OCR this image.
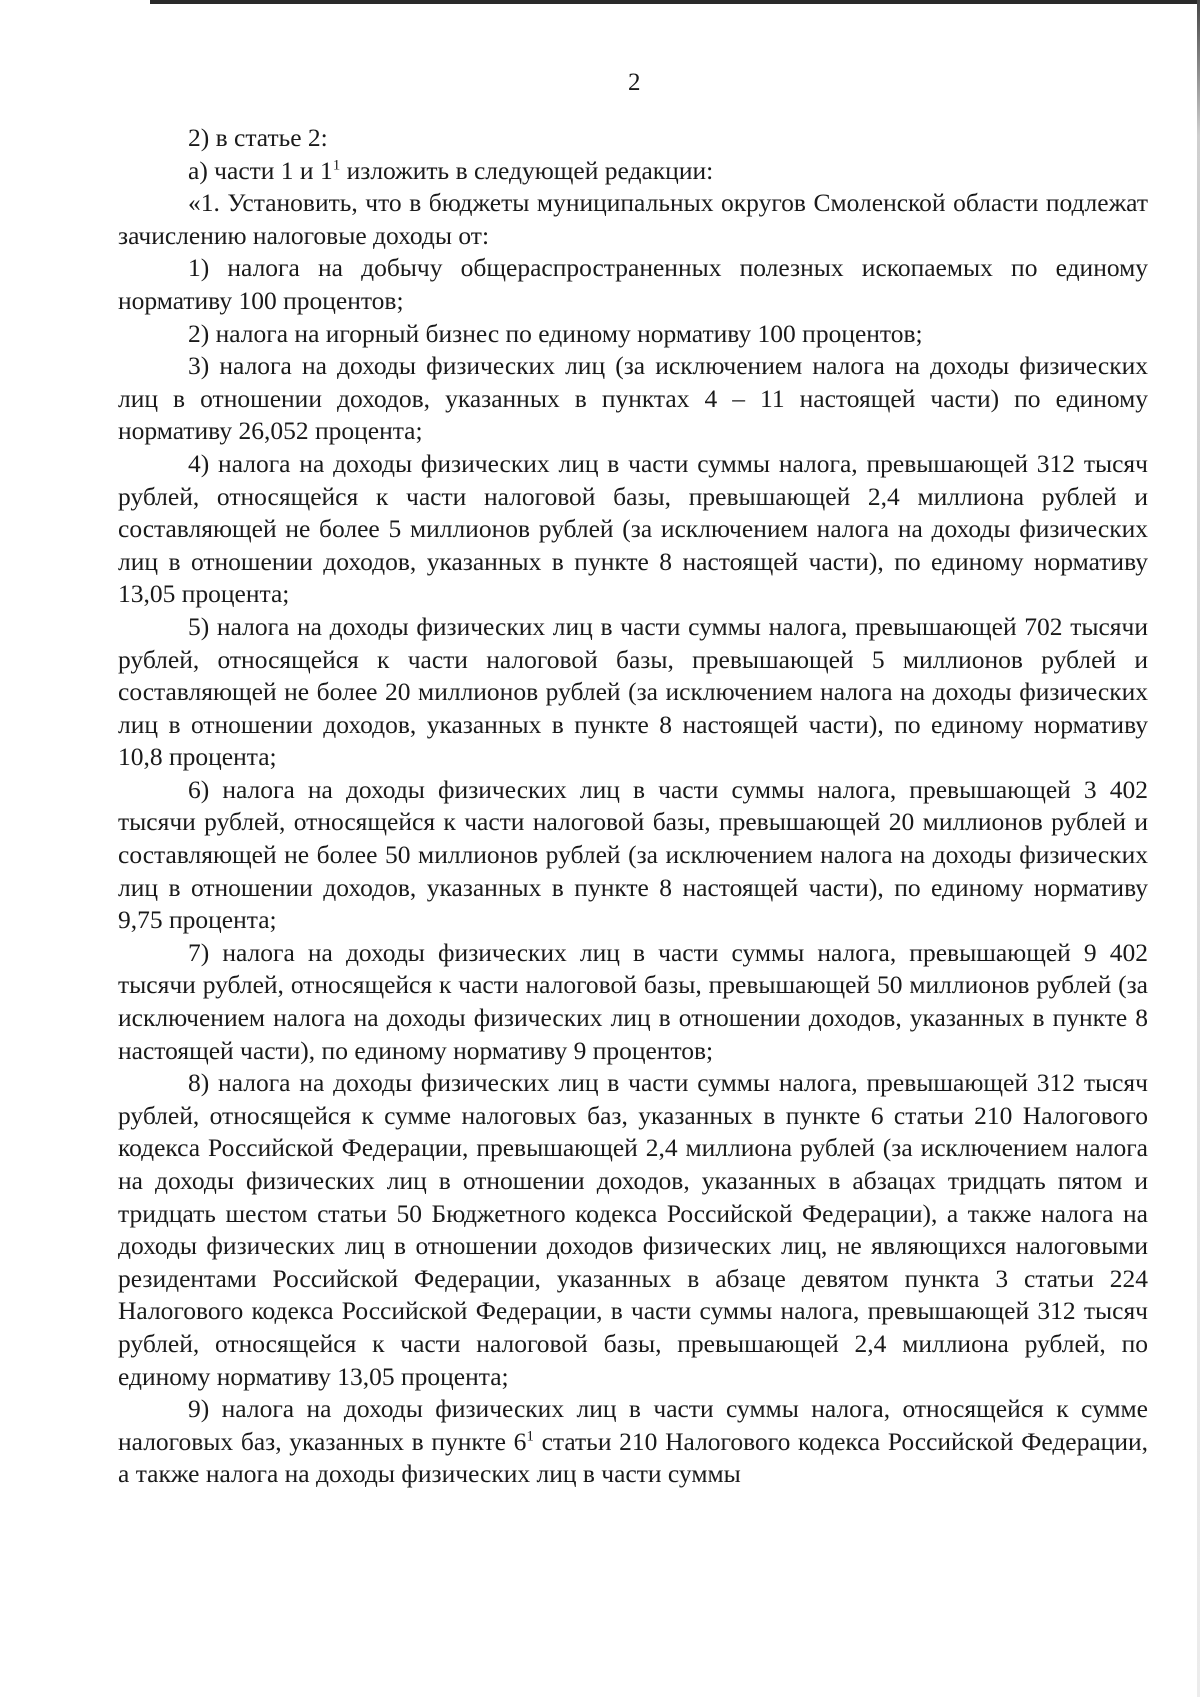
2

2) в статье 2:

а) части 1 и $1^1$ изложить в следующей редакции:

«1. Установить, что в бюджеты муниципальных округов Смоленской области подлежат зачислению налоговые доходы от:

1) налога на добычу общераспространенных полезных ископаемых по единому нормативу 100 процентов;

2) налога на игорный бизнес по единому нормативу 100 процентов;

3) налога на доходы физических лиц (за исключением налога на доходы физических лиц в отношении доходов, указанных в пунктах 4 – 11 настоящей части) по единому нормативу 26,052 процента;

4) налога на доходы физических лиц в части суммы налога, превышающей 312 тысяч рублей, относящейся к части налоговой базы, превышающей 2,4 миллиона рублей и составляющей не более 5 миллионов рублей (за исключением налога на доходы физических лиц в отношении доходов, указанных в пункте 8 настоящей части), по единому нормативу 13,05 процента;

5) налога на доходы физических лиц в части суммы налога, превышающей 702 тысячи рублей, относящейся к части налоговой базы, превышающей 5 миллионов рублей и составляющей не более 20 миллионов рублей (за исключением налога на доходы физических лиц в отношении доходов, указанных в пункте 8 настоящей части), по единому нормативу 10,8 процента;

6) налога на доходы физических лиц в части суммы налога, превышающей 3 402 тысячи рублей, относящейся к части налоговой базы, превышающей 20 миллионов рублей и составляющей не более 50 миллионов рублей (за исключением налога на доходы физических лиц в отношении доходов, указанных в пункте 8 настоящей части), по единому нормативу 9,75 процента;

7) налога на доходы физических лиц в части суммы налога, превышающей 9 402 тысячи рублей, относящейся к части налоговой базы, превышающей 50 миллионов рублей (за исключением налога на доходы физических лиц в отношении доходов, указанных в пункте 8 настоящей части), по единому нормативу 9 процентов;

8) налога на доходы физических лиц в части суммы налога, превышающей 312 тысяч рублей, относящейся к сумме налоговых баз, указанных в пункте 6 статьи 210 Налогового кодекса Российской Федерации, превышающей 2,4 миллиона рублей (за исключением налога на доходы физических лиц в отношении доходов, указанных в абзацах тридцать пятом и тридцать шестом статьи 50 Бюджетного кодекса Российской Федерации), а также налога на доходы физических лиц в отношении доходов физических лиц, не являющихся налоговыми резидентами Российской Федерации, указанных в абзаце девятом пункта 3 статьи 224 Налогового кодекса Российской Федерации, в части суммы налога, превышающей 312 тысяч рублей, относящейся к части налоговой базы, превышающей 2,4 миллиона рублей, по единому нормативу 13,05 процента;

9) налога на доходы физических лиц в части суммы налога, относящейся к сумме налоговых баз, указанных в пункте $6^1$ статьи 210 Налогового кодекса Российской Федерации, а также налога на доходы физических лиц в части суммы
